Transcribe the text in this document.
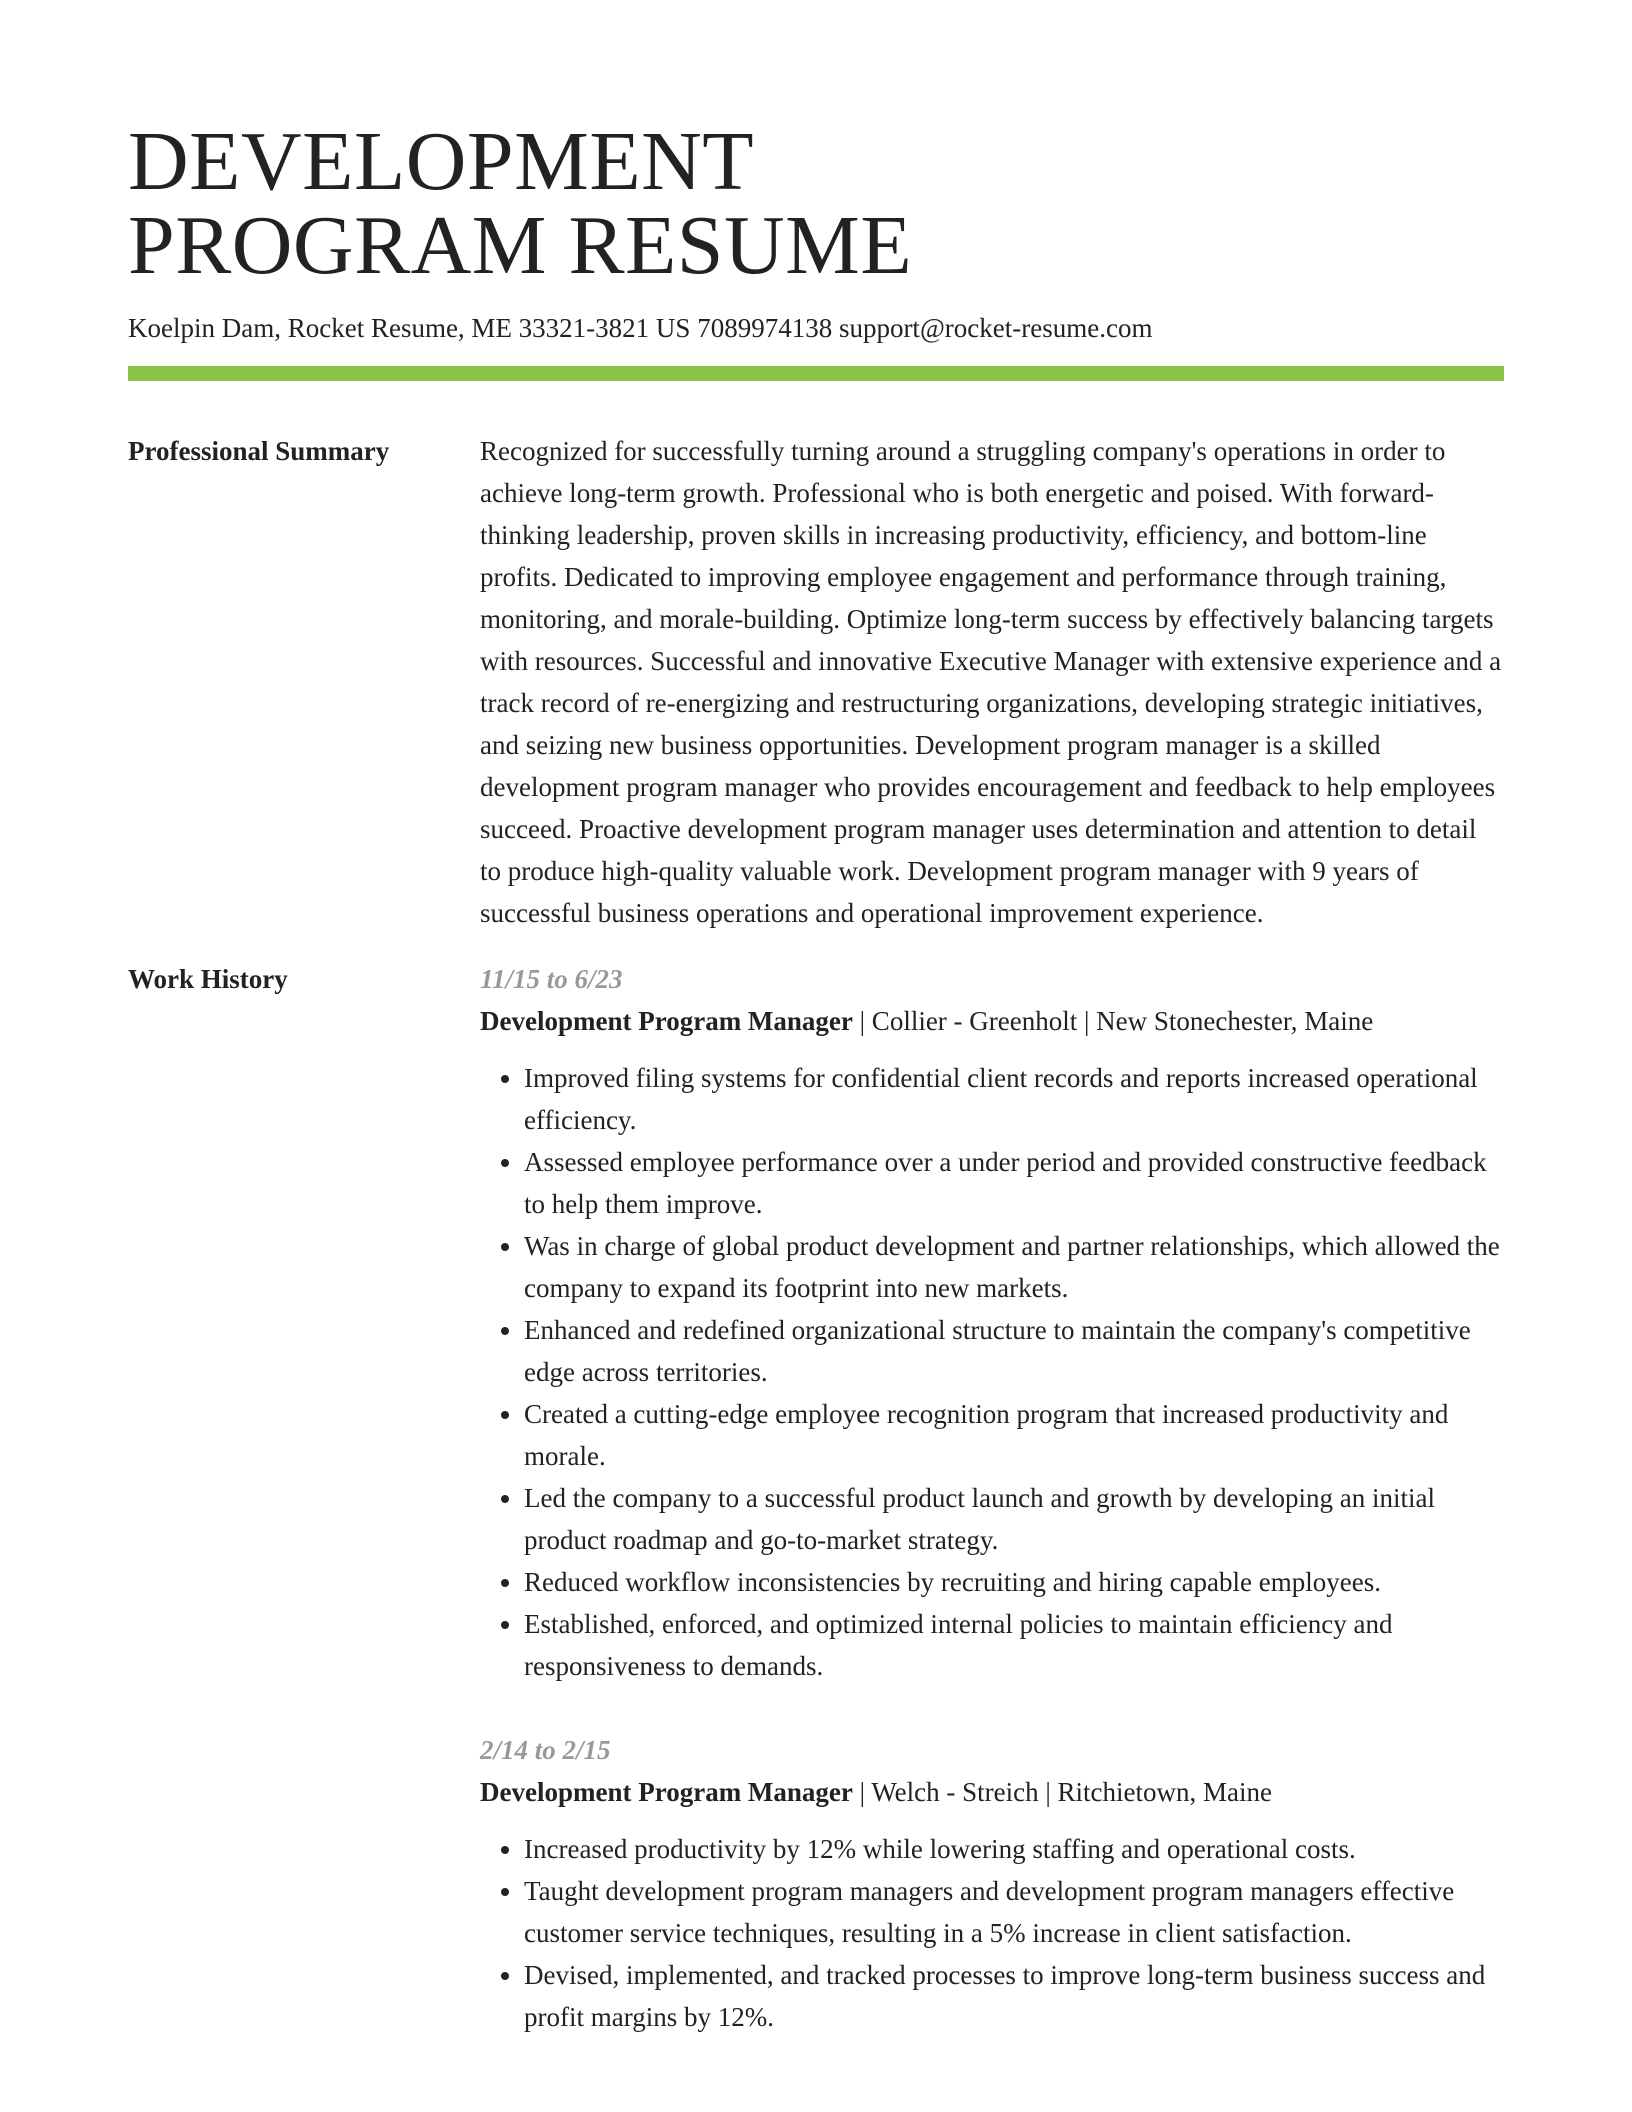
DEVELOPMENT
PROGRAM RESUME
Koelpin Dam, Rocket Resume, ME 33321-3821 US 7089974138 support@rocket-resume.com
Professional Summary	Recognized for successfully turning around a struggling company's operations in order to achieve long-term growth. Professional who is both energetic and poised. With forward-thinking leadership, proven skills in increasing productivity, efficiency, and bottom-line profits. Dedicated to improving employee engagement and performance through training, monitoring, and morale-building. Optimize long-term success by effectively balancing targets with resources. Successful and innovative Executive Manager with extensive experience and a track record of re-energizing and restructuring organizations, developing strategic initiatives, and seizing new business opportunities. Development program manager is a skilled development program manager who provides encouragement and feedback to help employees succeed. Proactive development program manager uses determination and attention to detail to produce high-quality valuable work. Development program manager with 9 years of successful business operations and operational improvement experience.
Work History	11/15 to 6/23
Development Program Manager | Collier - Greenholt | New Stonechester, Maine
• Improved filing systems for confidential client records and reports increased operational efficiency.
• Assessed employee performance over a under period and provided constructive feedback to help them improve.
• Was in charge of global product development and partner relationships, which allowed the company to expand its footprint into new markets.
• Enhanced and redefined organizational structure to maintain the company's competitive edge across territories.
• Created a cutting-edge employee recognition program that increased productivity and morale.
• Led the company to a successful product launch and growth by developing an initial product roadmap and go-to-market strategy.
• Reduced workflow inconsistencies by recruiting and hiring capable employees.
• Established, enforced, and optimized internal policies to maintain efficiency and responsiveness to demands.
2/14 to 2/15
Development Program Manager | Welch - Streich | Ritchietown, Maine
• Increased productivity by 12% while lowering staffing and operational costs.
• Taught development program managers and development program managers effective customer service techniques, resulting in a 5% increase in client satisfaction.
• Devised, implemented, and tracked processes to improve long-term business success and profit margins by 12%.
